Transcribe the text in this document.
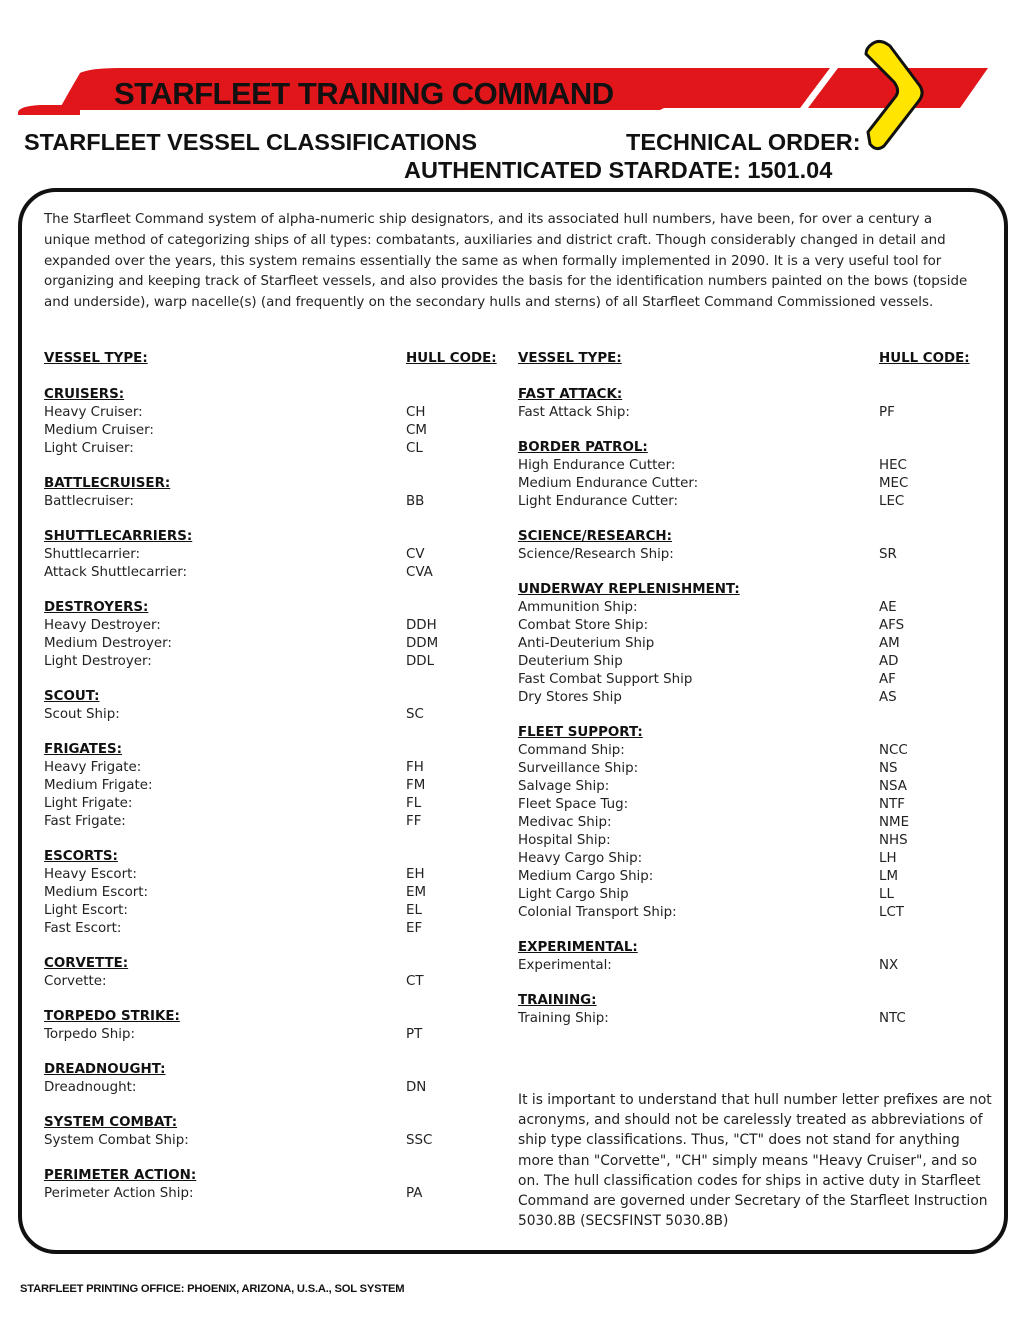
STARFLEET TRAINING COMMAND
STARFLEET VESSEL CLASSIFICATIONS	TECHNICAL ORDER:
AUTHENTICATED STARDATE: 1501.04

The Starfleet Command system of alpha-numeric ship designators, and its associated hull numbers, have been, for over a century a unique method of categorizing ships of all types: combatants, auxiliaries and district craft. Though considerably changed in detail and expanded over the years, this system remains essentially the same as when formally implemented in 2090. It is a very useful tool for organizing and keeping track of Starfleet vessels, and also provides the basis for the identification numbers painted on the bows (topside and underside), warp nacelle(s) (and frequently on the secondary hulls and sterns) of all Starfleet Command Commissioned vessels.

VESSEL TYPE:	HULL CODE: VESSEL TYPE:	HULL CODE:
CRUISERS:
Heavy Cruiser:	CH
Medium Cruiser:	CM
Light Cruiser:	CL
BATTLECRUISER:
Battlecruiser:	BB
SHUTTLECARRIERS:
Shuttlecarrier:	CV
Attack Shuttlecarrier:	CVA
DESTROYERS:
Heavy Destroyer:	DDH
Medium Destroyer:	DDM
Light Destroyer:	DDL
SCOUT:
Scout Ship:	SC
FRIGATES:
Heavy Frigate:	FH
Medium Frigate:	FM
Light Frigate:	FL
Fast Frigate:	FF
ESCORTS:
Heavy Escort:	EH
Medium Escort:	EM
Light Escort:	EL
Fast Escort:	EF
CORVETTE:
Corvette:	CT
TORPEDO STRIKE:
Torpedo Ship:	PT
DREADNOUGHT:
Dreadnought:	DN
SYSTEM COMBAT:
System Combat Ship:	SSC
PERIMETER ACTION:
Perimeter Action Ship:	PA
FAST ATTACK:
Fast Attack Ship:	PF
BORDER PATROL:
High Endurance Cutter:	HEC
Medium Endurance Cutter:	MEC
Light Endurance Cutter:	LEC
SCIENCE/RESEARCH:
Science/Research Ship:	SR
UNDERWAY REPLENISHMENT:
Ammunition Ship:	AE
Combat Store Ship:	AFS
Anti-Deuterium Ship	AM
Deuterium Ship	AD
Fast Combat Support Ship	AF
Dry Stores Ship	AS
FLEET SUPPORT:
Command Ship:	NCC
Surveillance Ship:	NS
Salvage Ship:	NSA
Fleet Space Tug:	NTF
Medivac Ship:	NME
Hospital Ship:	NHS
Heavy Cargo Ship:	LH
Medium Cargo Ship:	LM
Light Cargo Ship	LL
Colonial Transport Ship:	LCT
EXPERIMENTAL:
Experimental:	NX
TRAINING:
Training Ship:	NTC

It is important to understand that hull number letter prefixes are not acronyms, and should not be carelessly treated as abbreviations of ship type classifications. Thus, "CT" does not stand for anything more than "Corvette", "CH" simply means "Heavy Cruiser", and so on. The hull classification codes for ships in active duty in Starfleet Command are governed under Secretary of the Starfleet Instruction 5030.8B (SECSFINST 5030.8B)

STARFLEET PRINTING OFFICE: PHOENIX, ARIZONA, U.S.A., SOL SYSTEM
